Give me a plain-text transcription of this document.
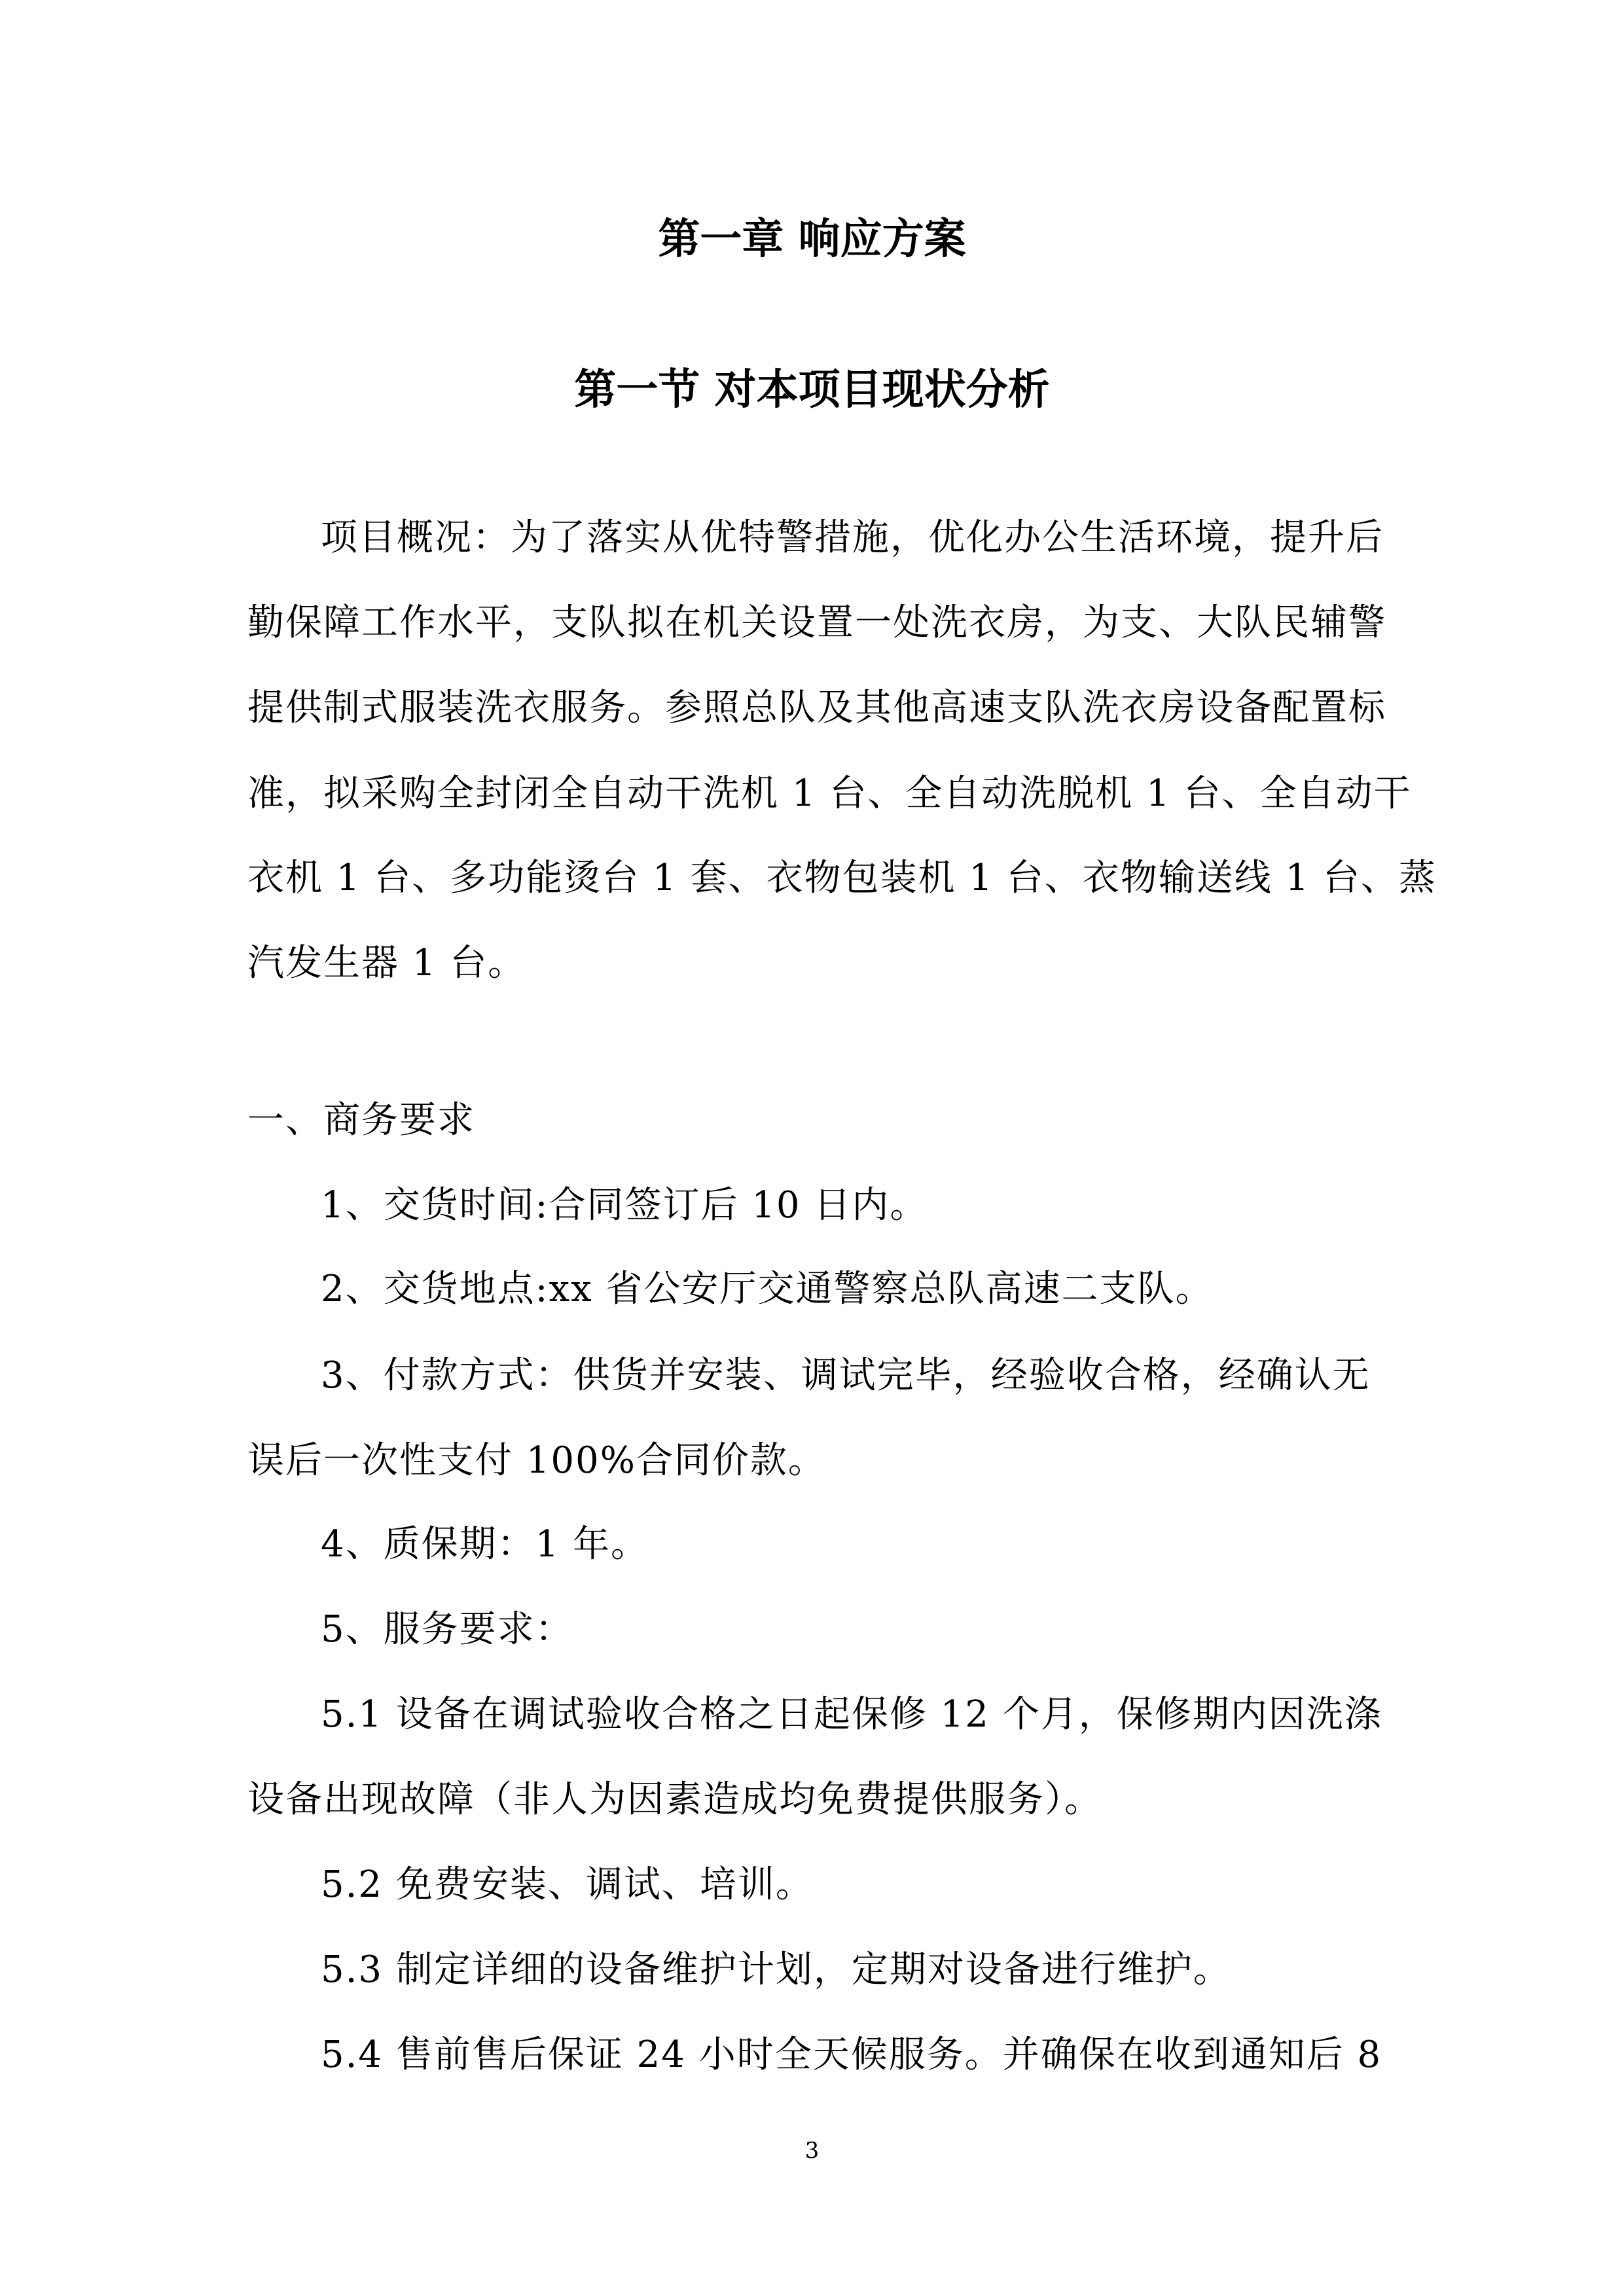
第一章 响应方案
第一节 对本项目现状分析

项目概况：为了落实从优特警措施，优化办公生活环境，提升后

勤保障工作水平，支队拟在机关设置一处洗衣房，为支、大队民辅警

提供制式服装洗衣服务。参照总队及其他高速支队洗衣房设备配置标

准，拟采购全封闭全自动干洗机 1 台、全自动洗脱机 1 台、全自动干

衣机 1 台、多功能烫台 1 套、衣物包装机 1 台、衣物输送线 1 台、蒸

汽发生器 1 台。

一、商务要求

1、交货时间:合同签订后 10 日内。

2、交货地点:xx 省公安厅交通警察总队高速二支队。

3、付款方式：供货并安装、调试完毕，经验收合格，经确认无

误后一次性支付 100%合同价款。

4、质保期：1 年。

5、服务要求：

5.1 设备在调试验收合格之日起保修 12 个月，保修期内因洗涤

设备出现故障（非人为因素造成均免费提供服务）。

5.2 免费安装、调试、培训。

5.3 制定详细的设备维护计划，定期对设备进行维护。

5.4 售前售后保证 24 小时全天候服务。并确保在收到通知后 8

3
